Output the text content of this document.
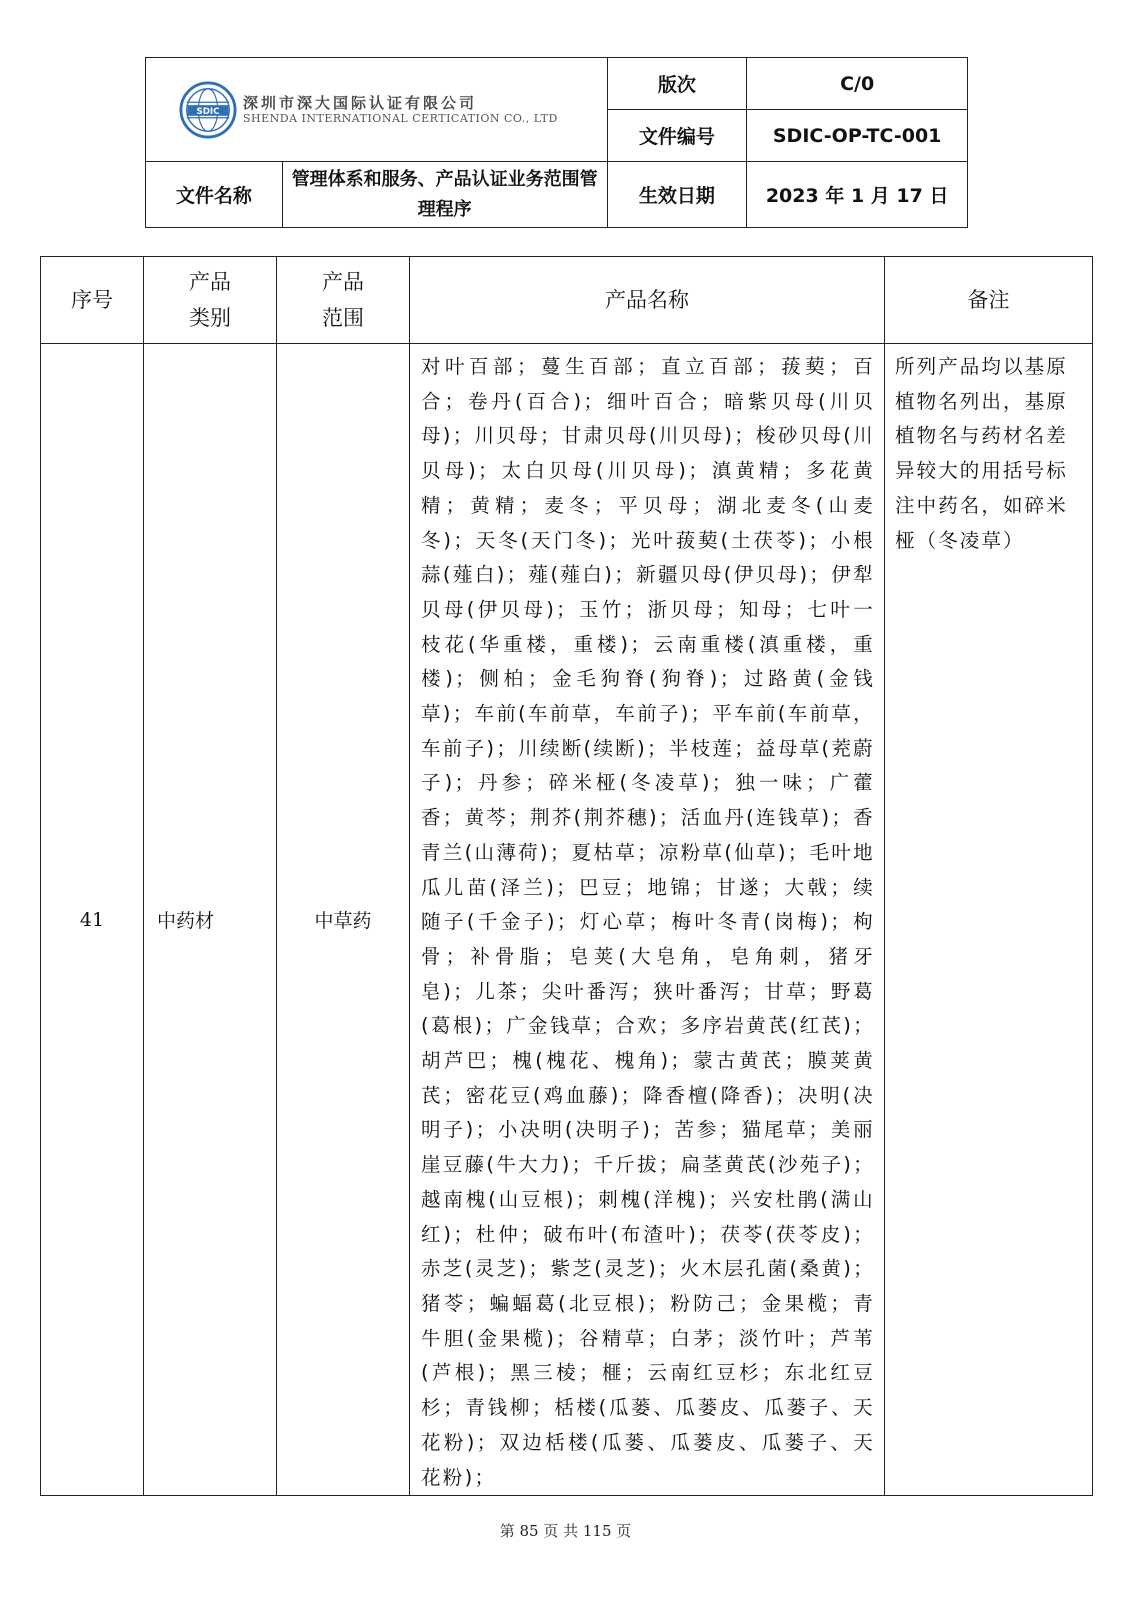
SDIC 深圳市深大国际认证有限公司
SHENDA INTERNATIONAL CERTICATION CO., LTD		版次	C/0
		文件编号	SDIC-OP-TC-001
文件名称	管理体系和服务、产品认证业务范围管理程序	生效日期	2023 年 1 月 17 日
序号	产品类别	产品范围	产品名称	备注
41	中药材	中草药	对叶百部；蔓生百部；直立百部；菝葜；百合；卷丹(百合)；细叶百合；暗紫贝母(川贝母)；川贝母；甘肃贝母(川贝母)；梭砂贝母(川贝母)；太白贝母(川贝母)；滇黄精；多花黄精；黄精；麦冬；平贝母；湖北麦冬(山麦冬)；天冬(天门冬)；光叶菝葜(土茯苓)；小根蒜(薤白)；薤(薤白)；新疆贝母(伊贝母)；伊犁贝母(伊贝母)；玉竹；浙贝母；知母；七叶一枝花(华重楼，重楼)；云南重楼(滇重楼，重楼)；侧柏；金毛狗脊(狗脊)；过路黄(金钱草)；车前(车前草，车前子)；平车前(车前草，车前子)；川续断(续断)；半枝莲；益母草(茺蔚子)；丹参；碎米桠(冬凌草)；独一味；广藿香；黄芩；荆芥(荆芥穗)；活血丹(连钱草)；香青兰(山薄荷)；夏枯草；凉粉草(仙草)；毛叶地瓜儿苗(泽兰)；巴豆；地锦；甘遂；大戟；续随子(千金子)；灯心草；梅叶冬青(岗梅)；枸骨；补骨脂；皂荚(大皂角，皂角刺，猪牙皂)；儿茶；尖叶番泻；狭叶番泻；甘草；野葛(葛根)；广金钱草；合欢；多序岩黄芪(红芪)；胡芦巴；槐(槐花、槐角)；蒙古黄芪；膜荚黄芪；密花豆(鸡血藤)；降香檀(降香)；决明(决明子)；小决明(决明子)；苦参；猫尾草；美丽崖豆藤(牛大力)；千斤拔；扁茎黄芪(沙苑子)；越南槐(山豆根)；刺槐(洋槐)；兴安杜鹃(满山红)；杜仲；破布叶(布渣叶)；茯苓(茯苓皮)；赤芝(灵芝)；紫芝(灵芝)；火木层孔菌(桑黄)；猪苓；蝙蝠葛(北豆根)；粉防己；金果榄；青牛胆(金果榄)；谷精草；白茅；淡竹叶；芦苇(芦根)；黑三棱；榧；云南红豆杉；东北红豆杉；青钱柳；栝楼(瓜蒌、瓜蒌皮、瓜蒌子、天花粉)；双边栝楼(瓜蒌、瓜蒌皮、瓜蒌子、天花粉)；	所列产品均以基原植物名列出，基原植物名与药材名差异较大的用括号标注中药名，如碎米桠（冬凌草）
第 85 页 共 115 页
